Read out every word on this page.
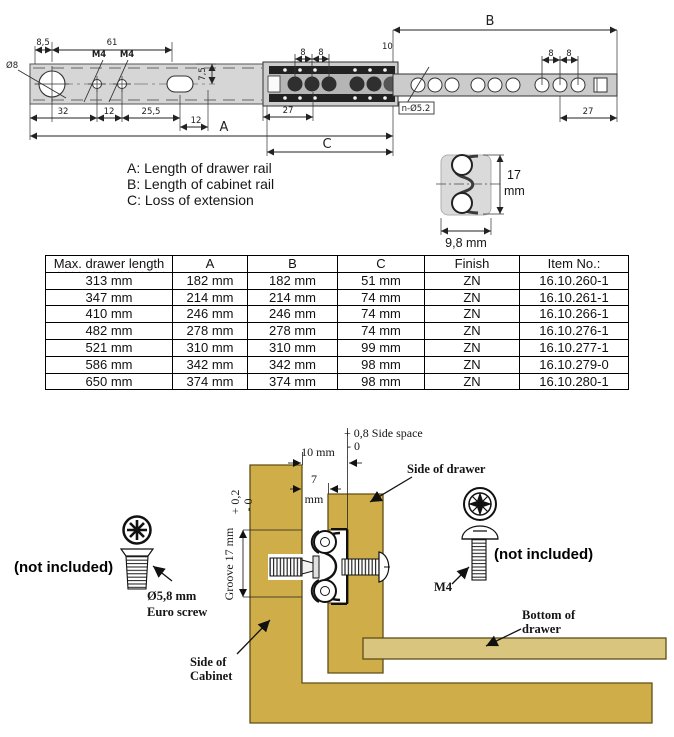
Ø8
M4 M4
8,5	61
7,5
32	12	25,5
12 A
8 8
27
C
n-Ø5.2
10
8 8
27
B
A: Length of drawer rail
B: Length of cabinet rail
C: Loss of extension
17
mm
9,8 mm
Max. drawer length	A	B	C	Finish	Item No.:
313 mm	182 mm	182 mm	51 mm	ZN	16.10.260-1
347 mm	214 mm	214 mm	74 mm	ZN	16.10.261-1
410 mm	246 mm	246 mm	74 mm	ZN	16.10.266-1
482 mm	278 mm	278 mm	74 mm	ZN	16.10.276-1
521 mm	310 mm	310 mm	99 mm	ZN	16.10.277-1
586 mm	342 mm	342 mm	98 mm	ZN	16.10.279-0
650 mm	374 mm	374 mm	98 mm	ZN	16.10.280-1
Groove 17 mm
+ 0,2 - 0
10 mm
7
mm
+ 0,8 Side space
- 0
Side of drawer
Side of
Cabinet
Bottom of
drawer
(not included)
Ø5,8 mm
Euro screw
(not included)
M4
